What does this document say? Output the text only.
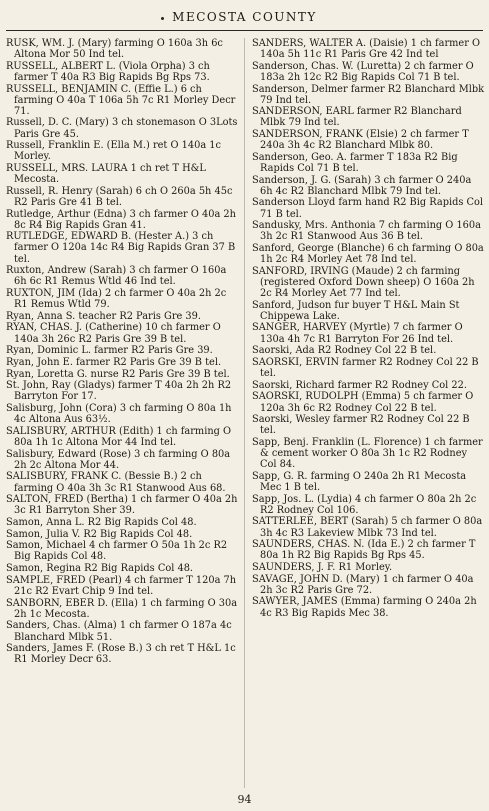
MECOSTA COUNTY
RUSK, WM. J. (Mary) farming O 160a 3h 6c Altona Mor 50 Ind tel.
RUSSELL, ALBERT L. (Viola Orpha) 3 ch farmer T 40a R3 Big Rapids Bg Rps 73.
RUSSELL, BENJAMIN C. (Effie L.) 6 ch farming O 40a T 106a 5h 7c R1 Morley Decr 71.
Russell, D. C. (Mary) 3 ch stonemason O 3Lots Paris Gre 45.
Russell, Franklin E. (Ella M.) ret O 140a 1c Morley.
RUSSELL, MRS. LAURA 1 ch ret T H&L Mecosta.
Russell, R. Henry (Sarah) 6 ch O 260a 5h 45c R2 Paris Gre 41 B tel.
Rutledge, Arthur (Edna) 3 ch farmer O 40a 2h 8c R4 Big Rapids Gran 41.
RUTLEDGE, EDWARD B. (Hester A.) 3 ch farmer O 120a 14c R4 Big Rapids Gran 37 B tel.
Ruxton, Andrew (Sarah) 3 ch farmer O 160a 6h 6c R1 Remus Wtld 46 Ind tel.
RUXTON, JIM (Ida) 2 ch farmer O 40a 2h 2c R1 Remus Wtld 79.
Ryan, Anna S. teacher R2 Paris Gre 39.
RYAN, CHAS. J. (Catherine) 10 ch farmer O 140a 3h 26c R2 Paris Gre 39 B tel.
Ryan, Dominic L. farmer R2 Paris Gre 39.
Ryan, John E. farmer R2 Paris Gre 39 B tel.
Ryan, Loretta G. nurse R2 Paris Gre 39 B tel.
St. John, Ray (Gladys) farmer T 40a 2h 2h R2 Barryton For 17.
Salisburg, John (Cora) 3 ch farming O 80a 1h 4c Altona Aus 63½.
SALISBURY, ARTHUR (Edith) 1 ch farming O 80a 1h 1c Altona Mor 44 Ind tel.
Salisbury, Edward (Rose) 3 ch farming O 80a 2h 2c Altona Mor 44.
SALISBURY, FRANK C. (Bessie B.) 2 ch farming O 40a 3h 3c R1 Stanwood Aus 68.
SALTON, FRED (Bertha) 1 ch farmer O 40a 2h 3c R1 Barryton Sher 39.
Samon, Anna L. R2 Big Rapids Col 48.
Samon, Julia V. R2 Big Rapids Col 48.
Samon, Michael 4 ch farmer O 50a 1h 2c R2 Big Rapids Col 48.
Samon, Regina R2 Big Rapids Col 48.
SAMPLE, FRED (Pearl) 4 ch farmer T 120a 7h 21c R2 Evart Chip 9 Ind tel.
SANBORN, EBER D. (Ella) 1 ch farming O 30a 2h 1c Mecosta.
Sanders, Chas. (Alma) 1 ch farmer O 187a 4c Blanchard Mlbk 51.
Sanders, James F. (Rose B.) 3 ch ret T H&L 1c R1 Morley Decr 63.
SANDERS, WALTER A. (Daisie) 1 ch farmer O 140a 5h 11c R1 Paris Gre 42 Ind tel
Sanderson, Chas. W. (Luretta) 2 ch farmer O 183a 2h 12c R2 Big Rapids Col 71 B tel.
Sanderson, Delmer farmer R2 Blanchard Mlbk 79 Ind tel.
SANDERSON, EARL farmer R2 Blanchard Mlbk 79 Ind tel.
SANDERSON, FRANK (Elsie) 2 ch farmer T 240a 3h 4c R2 Blanchard Mlbk 80.
Sanderson, Geo. A. farmer T 183a R2 Big Rapids Col 71 B tel.
Sanderson, J. G. (Sarah) 3 ch farmer O 240a 6h 4c R2 Blanchard Mlbk 79 Ind tel.
Sanderson Lloyd farm hand R2 Big Rapids Col 71 B tel.
Sandusky, Mrs. Anthonia 7 ch farming O 160a 3h 2c R1 Stanwood Aus 36 B tel.
Sanford, George (Blanche) 6 ch farming O 80a 1h 2c R4 Morley Aet 78 Ind tel.
SANFORD, IRVING (Maude) 2 ch farming (registered Oxford Down sheep) O 160a 2h 2c R4 Morley Aet 77 Ind tel.
Sanford, Judson fur buyer T H&L Main St Chippewa Lake.
SANGER, HARVEY (Myrtle) 7 ch farmer O 130a 4h 7c R1 Barryton For 26 Ind tel.
Saorski, Ada R2 Rodney Col 22 B tel.
SAORSKI, ERVIN farmer R2 Rodney Col 22 B tel.
Saorski, Richard farmer R2 Rodney Col 22.
SAORSKI, RUDOLPH (Emma) 5 ch farmer O 120a 3h 6c R2 Rodney Col 22 B tel.
Saorski, Wesley farmer R2 Rodney Col 22 B tel.
Sapp, Benj. Franklin (L. Florence) 1 ch farmer & cement worker O 80a 3h 1c R2 Rodney Col 84.
Sapp, G. R. farming O 240a 2h R1 Mecosta Mec 1 B tel.
Sapp, Jos. L. (Lydia) 4 ch farmer O 80a 2h 2c R2 Rodney Col 106.
SATTERLEE, BERT (Sarah) 5 ch farmer O 80a 3h 4c R3 Lakeview Mlbk 73 Ind tel.
SAUNDERS, CHAS. N. (Ida E.) 2 ch farmer T 80a 1h R2 Big Rapids Bg Rps 45.
SAUNDERS, J. F. R1 Morley.
SAVAGE, JOHN D. (Mary) 1 ch farmer O 40a 2h 3c R2 Paris Gre 72.
SAWYER, JAMES (Emma) farming O 240a 2h 4c R3 Big Rapids Mec 38.
94
